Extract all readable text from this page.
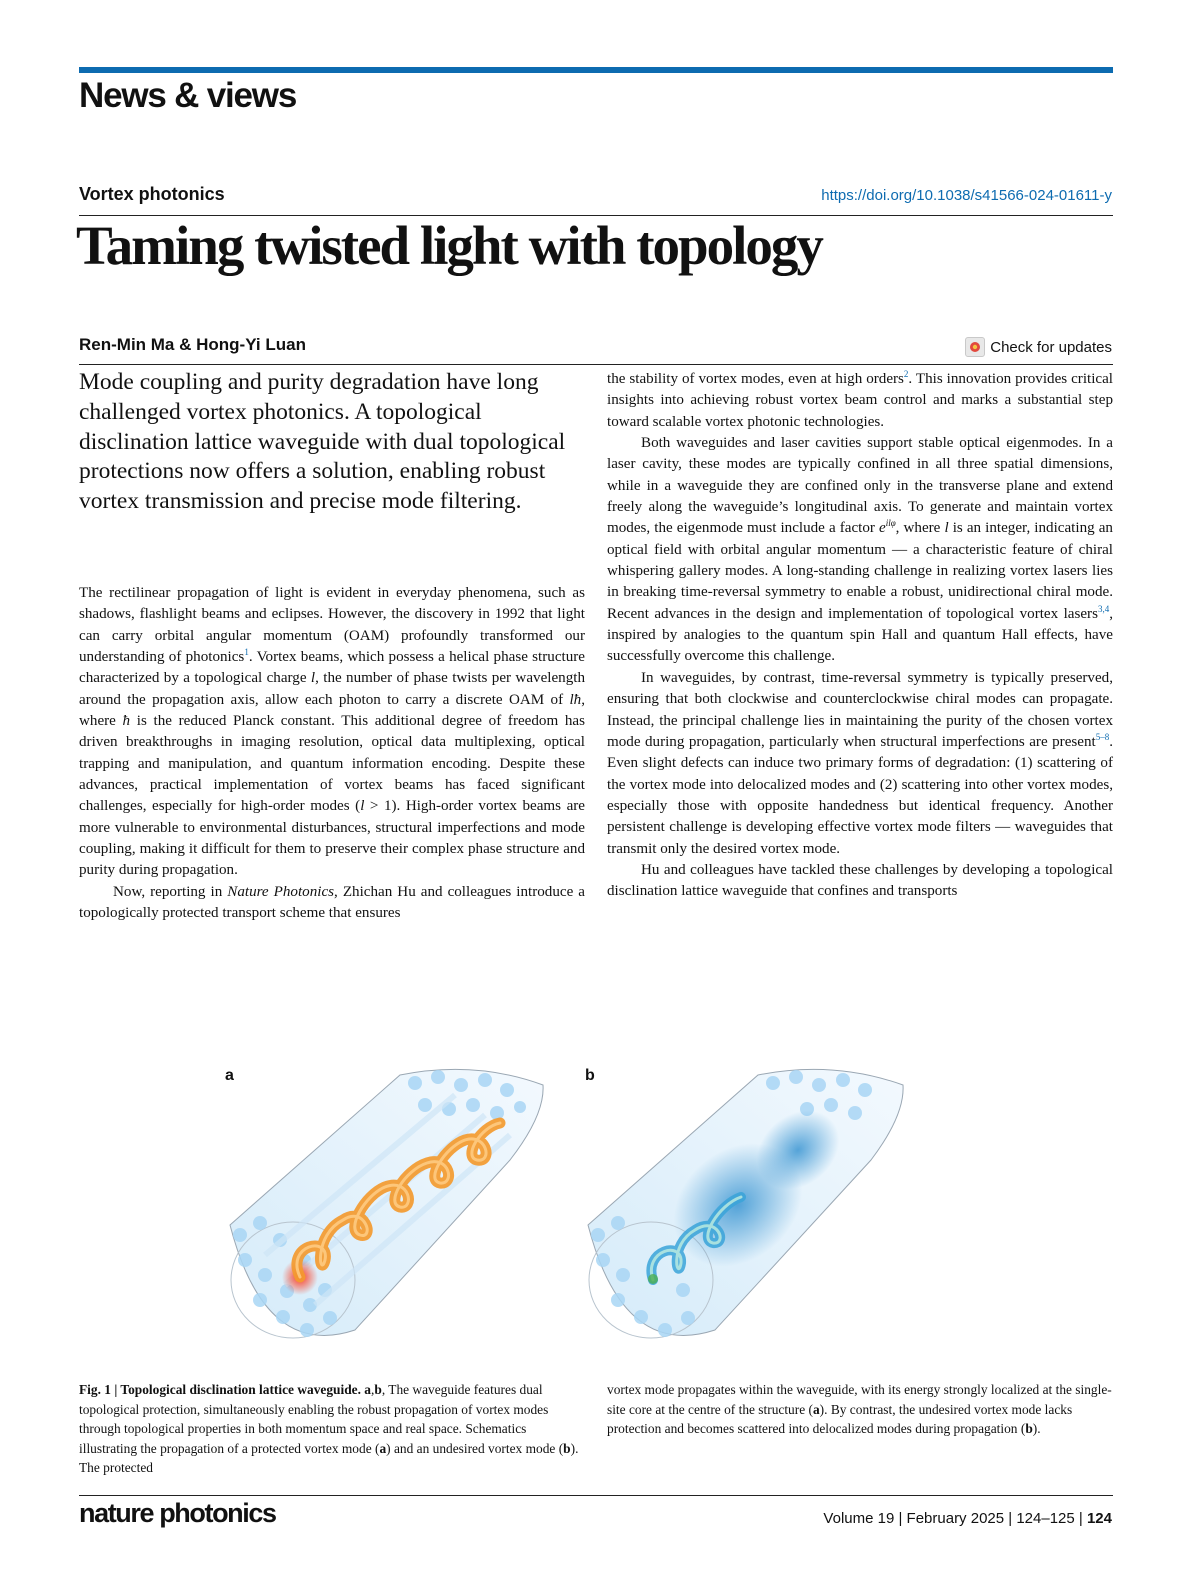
News & views
Vortex photonics	https://doi.org/10.1038/s41566-024-01611-y
Taming twisted light with topology
Ren-Min Ma & Hong-Yi Luan	Check for updates

Mode coupling and purity degradation have long challenged vortex photonics. A topological disclination lattice waveguide with dual topological protections now offers a solution, enabling robust vortex transmission and precise mode filtering.

The rectilinear propagation of light is evident in everyday phenomena, such as shadows, flashlight beams and eclipses. However, the discovery in 1992 that light can carry orbital angular momentum (OAM) profoundly transformed our understanding of photonics$^1$. Vortex beams, which possess a helical phase structure characterized by a topological charge l, the number of phase twists per wavelength around the propagation axis, allow each photon to carry a discrete OAM of lħ, where ħ is the reduced Planck constant. This additional degree of freedom has driven breakthroughs in imaging resolution, optical data multiplexing, optical trapping and manipulation, and quantum information encoding. Despite these advances, practical implementation of vortex beams has faced significant challenges, especially for high-order modes (l > 1). High-order vortex beams are more vulnerable to environmental disturbances, structural imperfections and mode coupling, making it difficult for them to preserve their complex phase structure and purity during propagation.

Now, reporting in Nature Photonics, Zhichan Hu and colleagues introduce a topologically protected transport scheme that ensures

the stability of vortex modes, even at high orders$^2$. This innovation provides critical insights into achieving robust vortex beam control and marks a substantial step toward scalable vortex photonic technologies.

Both waveguides and laser cavities support stable optical eigenmodes. In a laser cavity, these modes are typically confined in all three spatial dimensions, while in a waveguide they are confined only in the transverse plane and extend freely along the waveguide’s longitudinal axis. To generate and maintain vortex modes, the eigenmode must include a factor $e^{il\varphi}$, where l is an integer, indicating an optical field with orbital angular momentum — a characteristic feature of chiral whispering gallery modes. A long-standing challenge in realizing vortex lasers lies in breaking time-reversal symmetry to enable a robust, unidirectional chiral mode. Recent advances in the design and implementation of topological vortex lasers$^{3,4}$, inspired by analogies to the quantum spin Hall and quantum Hall effects, have successfully overcome this challenge.

In waveguides, by contrast, time-reversal symmetry is typically preserved, ensuring that both clockwise and counterclockwise chiral modes can propagate. Instead, the principal challenge lies in maintaining the purity of the chosen vortex mode during propagation, particularly when structural imperfections are present$^{5-8}$. Even slight defects can induce two primary forms of degradation: (1) scattering of the vortex mode into delocalized modes and (2) scattering into other vortex modes, especially those with opposite handedness but identical frequency. Another persistent challenge is developing effective vortex mode filters — waveguides that transmit only the desired vortex mode.

Hu and colleagues have tackled these challenges by developing a topological disclination lattice waveguide that confines and transports

a	b

Fig. 1 | Topological disclination lattice waveguide. a,b, The waveguide features dual topological protection, simultaneously enabling the robust propagation of vortex modes through topological properties in both momentum space and real space. Schematics illustrating the propagation of a protected vortex mode (a) and an undesired vortex mode (b). The protected

vortex mode propagates within the waveguide, with its energy strongly localized at the single-site core at the centre of the structure (a). By contrast, the undesired vortex mode lacks protection and becomes scattered into delocalized modes during propagation (b).

nature photonics	Volume 19 | February 2025 | 124–125 | 124
